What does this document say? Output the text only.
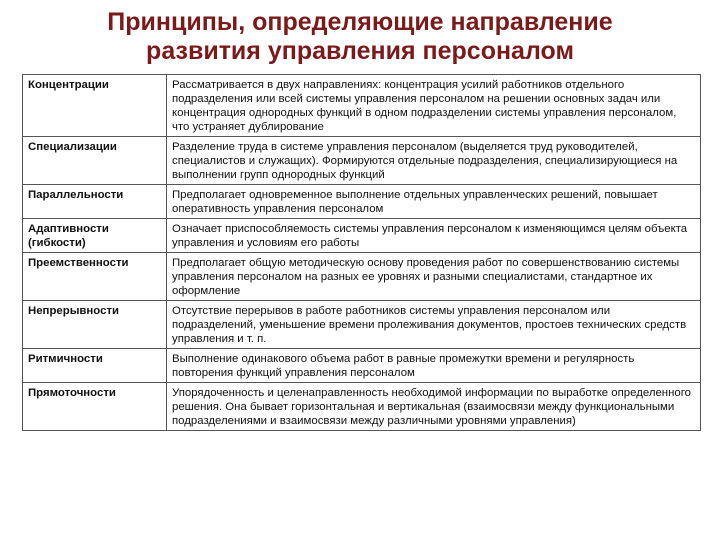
Принципы, определяющие направление
развития управления персоналом
Концентрации	Рассматривается в двух направлениях: концентрация усилий работников отдельного подразделения или всей системы управления персоналом на решении основных задач или концентрация однородных функций в одном подразделении системы управления персоналом, что устраняет дублирование
Специализации	Разделение труда в системе управления персоналом (выделяется труд руководителей, специалистов и служащих). Формируются отдельные подразделения, специализирующиеся на выполнении групп однородных функций
Параллельности	Предполагает одновременное выполнение отдельных управленческих решений, повышает оперативность управления персоналом
Адаптивности (гибкости)	Означает приспособляемость системы управления персоналом к изменяющимся целям объекта управления и условиям его работы
Преемственности	Предполагает общую методическую основу проведения работ по совершенствованию системы управления персоналом на разных ее уровнях и разными специалистами, стандартное их оформление
Непрерывности	Отсутствие перерывов в работе работников системы управления персоналом или подразделений, уменьшение времени пролеживания документов, простоев технических средств управления и т. п.
Ритмичности	Выполнение одинакового объема работ в равные промежутки времени и регулярность повторения функций управления персоналом
Прямоточности	Упорядоченность и целенаправленность необходимой информации по выработке определенного решения. Она бывает горизонтальная и вертикальная (взаимосвязи между функциональными подразделениями и взаимосвязи между различными уровнями управления)
